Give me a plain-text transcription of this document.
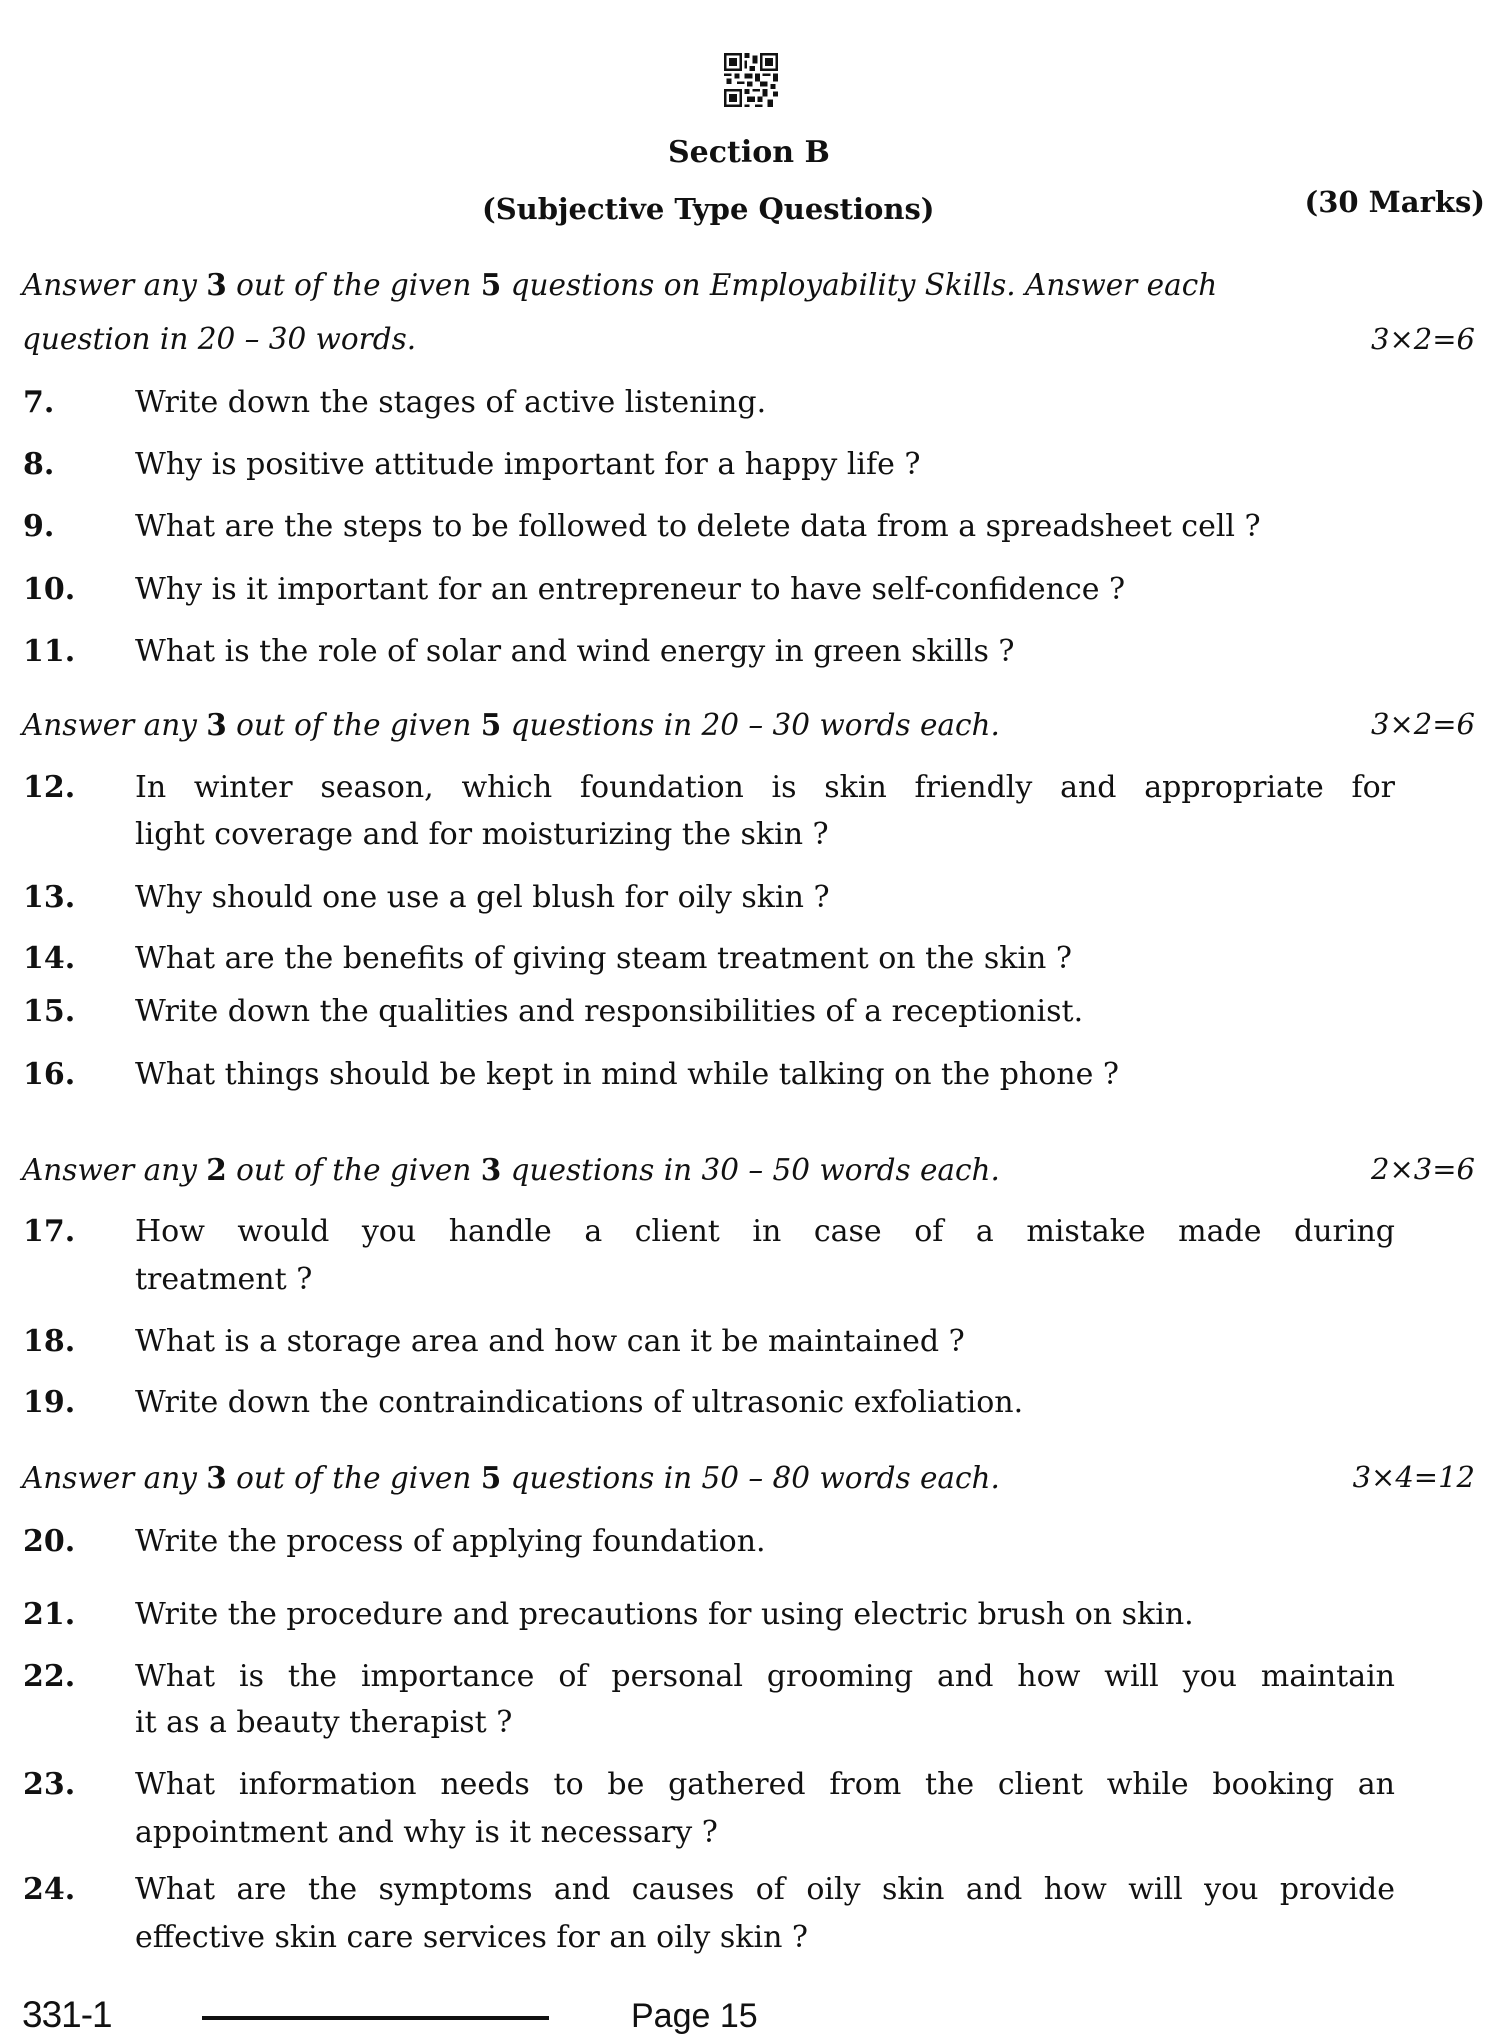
Section B
(Subjective Type Questions)	(30 Marks)
Answer any 3 out of the given 5 questions on Employability Skills. Answer each
question in 20 – 30 words.	3×2=6
7.	Write down the stages of active listening.
8.	Why is positive attitude important for a happy life ?
9.	What are the steps to be followed to delete data from a spreadsheet cell ?
10. Why is it important for an entrepreneur to have self-confidence ?
11. What is the role of solar and wind energy in green skills ?
Answer any 3 out of the given 5 questions in 20 – 30 words each.	3×2=6
12. In winter season, which foundation is skin friendly and appropriate for
light coverage and for moisturizing the skin ?
13. Why should one use a gel blush for oily skin ?
14. What are the benefits of giving steam treatment on the skin ?
15. Write down the qualities and responsibilities of a receptionist.
16. What things should be kept in mind while talking on the phone ?
Answer any 2 out of the given 3 questions in 30 – 50 words each.	2×3=6
17. How would you handle a client in case of a mistake made during
treatment ?
18. What is a storage area and how can it be maintained ?
19. Write down the contraindications of ultrasonic exfoliation.
Answer any 3 out of the given 5 questions in 50 – 80 words each.	3×4=12
20. Write the process of applying foundation.
21. Write the procedure and precautions for using electric brush on skin.
22. What is the importance of personal grooming and how will you maintain
it as a beauty therapist ?
23. What information needs to be gathered from the client while booking an
appointment and why is it necessary ?
24. What are the symptoms and causes of oily skin and how will you provide
effective skin care services for an oily skin ?
331-1	Page 15
